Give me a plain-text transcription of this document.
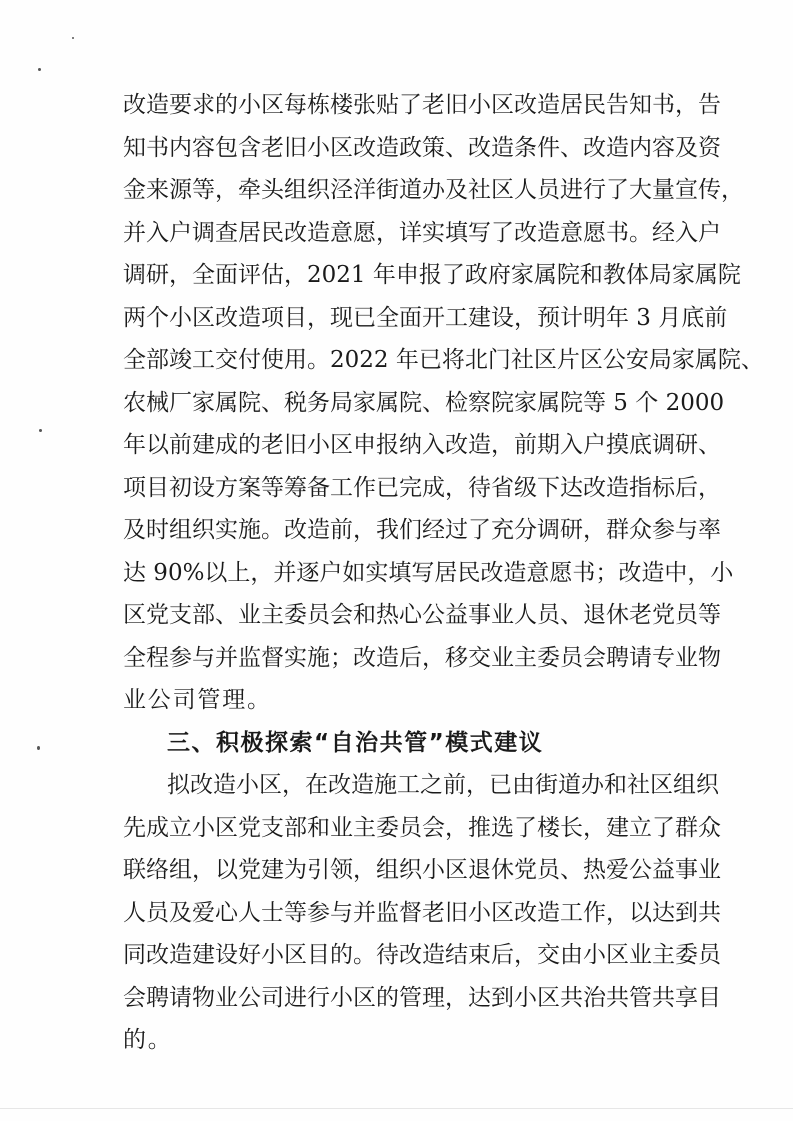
改造要求的小区每栋楼张贴了老旧小区改造居民告知书，告
知书内容包含老旧小区改造政策、改造条件、改造内容及资
金来源等，牵头组织泾洋街道办及社区人员进行了大量宣传，
并入户调查居民改造意愿，详实填写了改造意愿书。经入户
调研，全面评估，2021 年申报了政府家属院和教体局家属院
两个小区改造项目，现已全面开工建设，预计明年 3 月底前
全部竣工交付使用。2022 年已将北门社区片区公安局家属院、
农械厂家属院、税务局家属院、检察院家属院等 5 个 2000
年以前建成的老旧小区申报纳入改造，前期入户摸底调研、
项目初设方案等筹备工作已完成，待省级下达改造指标后，
及时组织实施。改造前，我们经过了充分调研，群众参与率
达 90%以上，并逐户如实填写居民改造意愿书；改造中，小
区党支部、业主委员会和热心公益事业人员、退休老党员等
全程参与并监督实施；改造后，移交业主委员会聘请专业物
业公司管理。
三、积极探索“自治共管”模式建议
拟改造小区，在改造施工之前，已由街道办和社区组织
先成立小区党支部和业主委员会，推选了楼长，建立了群众
联络组，以党建为引领，组织小区退休党员、热爱公益事业
人员及爱心人士等参与并监督老旧小区改造工作，以达到共
同改造建设好小区目的。待改造结束后，交由小区业主委员
会聘请物业公司进行小区的管理，达到小区共治共管共享目
的。
